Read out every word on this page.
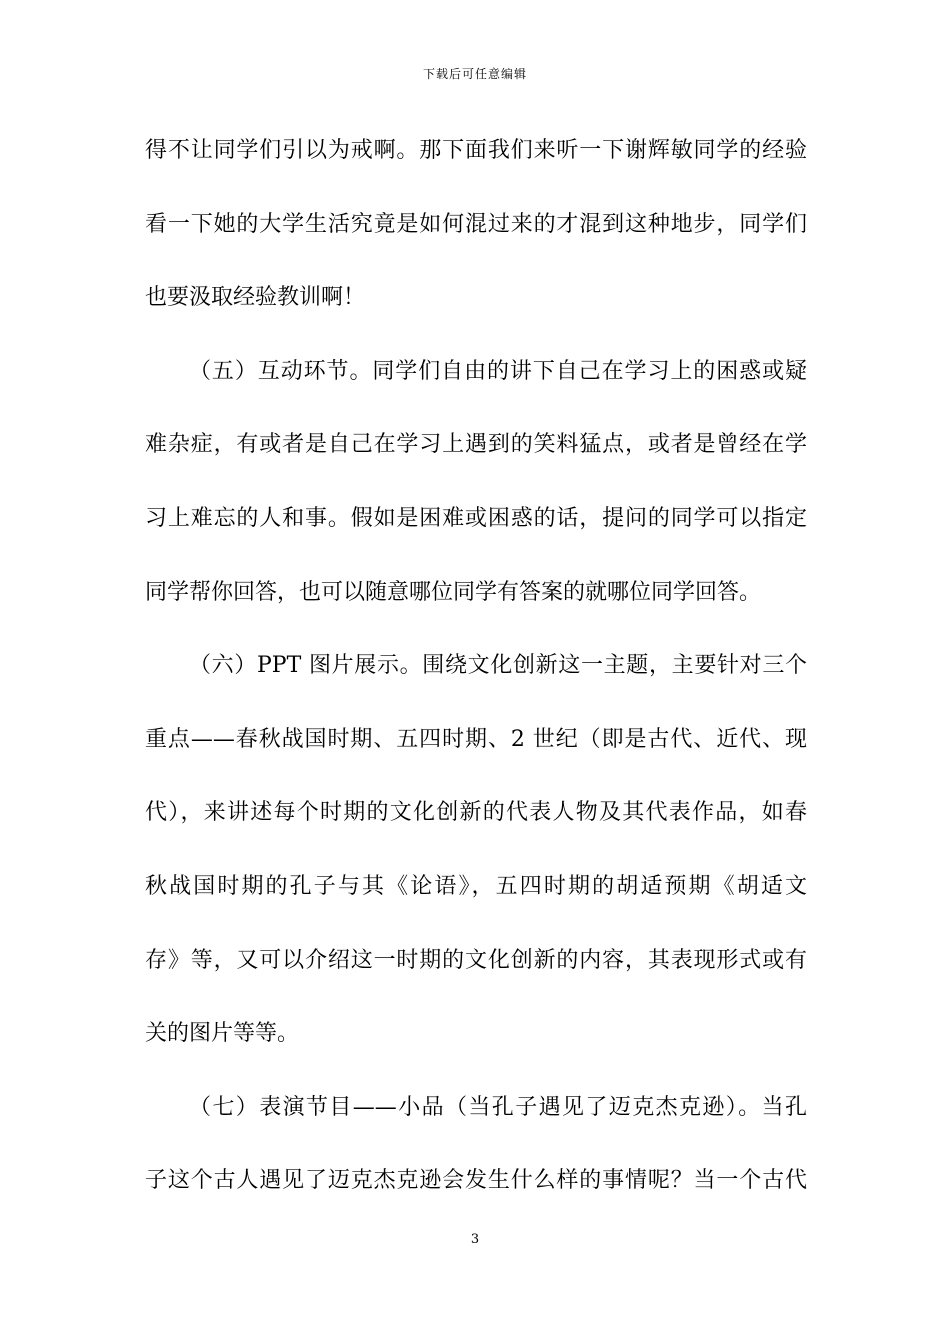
下载后可任意编辑
得不让同学们引以为戒啊。那下面我们来听一下谢辉敏同学的经验
看一下她的大学生活究竟是如何混过来的才混到这种地步，同学们
也要汲取经验教训啊！
（五）互动环节。同学们自由的讲下自己在学习上的困惑或疑
难杂症，有或者是自己在学习上遇到的笑料猛点，或者是曾经在学
习上难忘的人和事。假如是困难或困惑的话，提问的同学可以指定
同学帮你回答，也可以随意哪位同学有答案的就哪位同学回答。
（六）PPT 图片展示。围绕文化创新这一主题，主要针对三个
重点——春秋战国时期、五四时期、2 世纪（即是古代、近代、现
代），来讲述每个时期的文化创新的代表人物及其代表作品，如春
秋战国时期的孔子与其《论语》，五四时期的胡适预期《胡适文
存》等，又可以介绍这一时期的文化创新的内容，其表现形式或有
关的图片等等。
（七）表演节目——小品（当孔子遇见了迈克杰克逊）。当孔
子这个古人遇见了迈克杰克逊会发生什么样的事情呢？当一个古代
3
